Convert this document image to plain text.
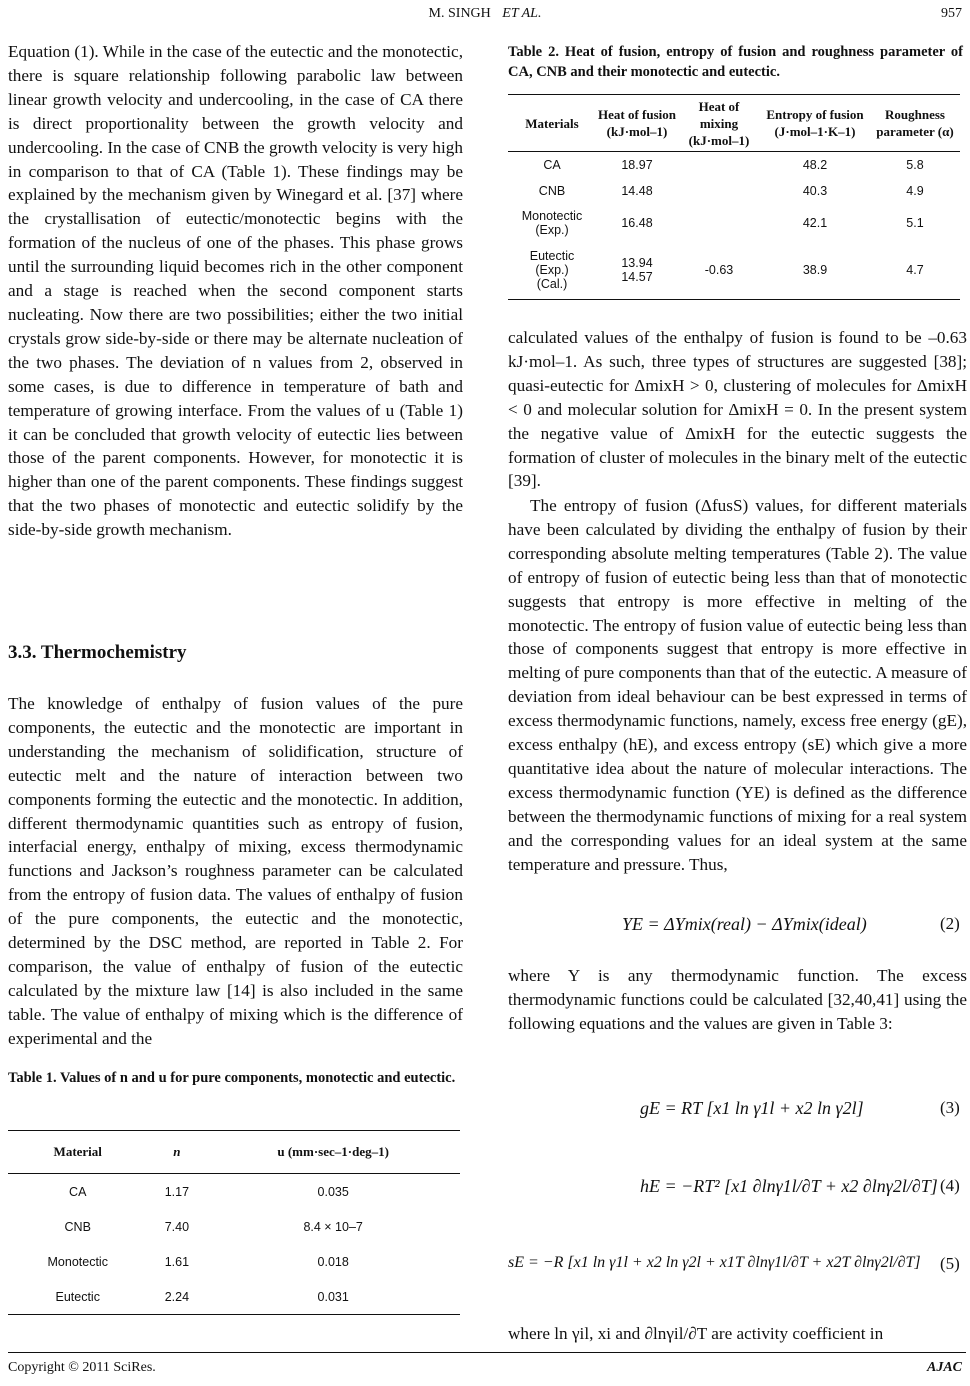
M. SINGH ET AL.	957

Equation (1). While in the case of the eutectic and the monotectic, there is square relationship following parabolic law between linear growth velocity and undercooling, in the case of CA there is direct proportionality between the growth velocity and undercooling. In the case of CNB the growth velocity is very high in comparison to that of CA (Table 1). These findings may be explained by the mechanism given by Winegard et al. [37] where the crystallisation of eutectic/monotectic begins with the formation of the nucleus of one of the phases. This phase grows until the surrounding liquid becomes rich in the other component and a stage is reached when the second component starts nucleating. Now there are two possibilities; either the two initial crystals grow side-by-side or there may be alternate nucleation of the two phases. The deviation of n values from 2, observed in some cases, is due to difference in temperature of bath and temperature of growing interface. From the values of u (Table 1) it can be concluded that growth velocity of eutectic lies between those of the parent components. However, for monotectic it is higher than one of the parent components. These findings suggest that the two phases of monotectic and eutectic solidify by the side-by-side growth mechanism.

3.3. Thermochemistry

The knowledge of enthalpy of fusion values of the pure components, the eutectic and the monotectic are important in understanding the mechanism of solidification, structure of eutectic melt and the nature of interaction between two components forming the eutectic and the monotectic. In addition, different thermodynamic quantities such as entropy of fusion, interfacial energy, enthalpy of mixing, excess thermodynamic functions and Jackson’s roughness parameter can be calculated from the entropy of fusion data. The values of enthalpy of fusion of the pure components, the eutectic and the monotectic, determined by the DSC method, are reported in Table 2. For comparison, the value of enthalpy of fusion of the eutectic calculated by the mixture law [14] is also included in the same table. The value of enthalpy of mixing which is the difference of experimental and the

Table 1. Values of n and u for pure components, monotectic and eutectic.
Material	n	u (mm·sec–1·deg–1)
CA	1.17	0.035
CNB	7.40	8.4 × 10–7
Monotectic	1.61	0.018
Eutectic	2.24	0.031
Table 2. Heat of fusion, entropy of fusion and roughness parameter of CA, CNB and their monotectic and eutectic.
Materials	Heat of fusion (kJ·mol–1)	Heat of mixing (kJ·mol–1)	Entropy of fusion (J·mol–1·K–1)	Roughness parameter (α)
CA	18.97		48.2	5.8
CNB	14.48		40.3	4.9
Monotectic (Exp.)	16.48		42.1	5.1
Eutectic (Exp.) (Cal.)	13.94 14.57	-0.63	38.9	4.7

calculated values of the enthalpy of fusion is found to be –0.63 kJ·mol–1. As such, three types of structures are suggested [38]; quasi-eutectic for ΔmixH > 0, clustering of molecules for ΔmixH < 0 and molecular solution for ΔmixH = 0. In the present system the negative value of ΔmixH for the eutectic suggests the formation of cluster of molecules in the binary melt of the eutectic [39].

The entropy of fusion (ΔfusS) values, for different materials have been calculated by dividing the enthalpy of fusion by their corresponding absolute melting temperatures (Table 2). The value of entropy of fusion of eutectic being less than that of monotectic suggests that entropy is more effective in melting of the monotectic. The entropy of fusion value of eutectic being less than those of components suggest that entropy is more effective in melting of pure components than that of the eutectic. A measure of deviation from ideal behaviour can be best expressed in terms of excess thermodynamic functions, namely, excess free energy (gE), excess enthalpy (hE), and excess entropy (sE) which give a more quantitative idea about the nature of molecular interactions. The excess thermodynamic function (YE) is defined as the difference between the thermodynamic functions of mixing for a real system and the corresponding values for an ideal system at the same temperature and pressure. Thus,

YE = ΔYmix(real) − ΔYmix(ideal)	(2)

where Y is any thermodynamic function. The excess thermodynamic functions could be calculated [32,40,41] using the following equations and the values are given in Table 3:

gE = RT [x1 ln γ1l + x2 ln γ2l]	(3)
hE = −RT² [x1 ∂lnγ1l/∂T + x2 ∂lnγ2l/∂T] (4)
sE = −R [x1 ln γ1l + x2 ln γ2l + x1T ∂lnγ1l/∂T + x2T ∂lnγ2l/∂T]	(5)

where ln γil, xi and ∂lnγil/∂T are activity coefficient in

Copyright © 2011 SciRes.	AJAC
